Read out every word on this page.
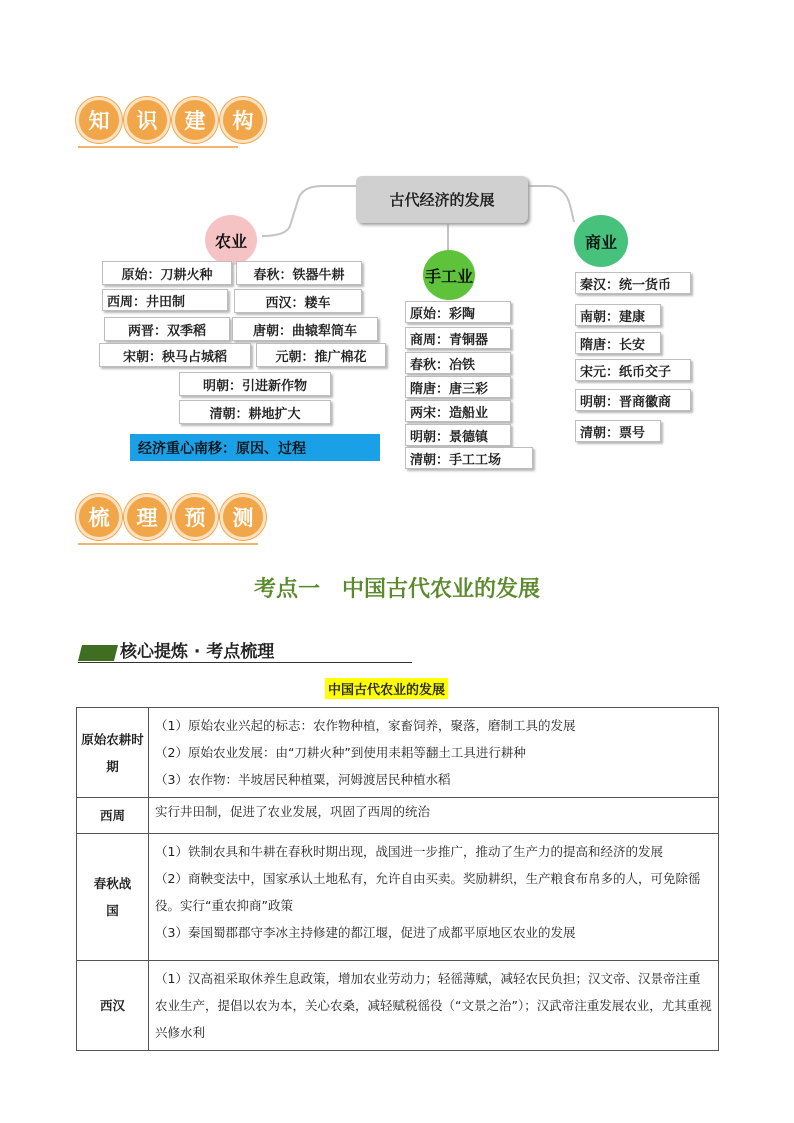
知	识	建	构
古代经济的发展
农业
原始：刀耕火种	春秋：铁器牛耕
西周：井田制	西汉：耧车
两晋：双季稻	唐朝：曲辕犁筒车
宋朝：秧马占城稻	元朝：推广棉花
明朝：引进新作物
清朝：耕地扩大
经济重心南移：原因、过程
手工业
原始：彩陶
商周：青铜器
春秋：冶铁
隋唐：唐三彩
两宋：造船业
明朝：景德镇
清朝：手工工场
商业
秦汉：统一货币
南朝：建康
隋唐：长安
宋元：纸币交子
明朝：晋商徽商
清朝：票号
梳	理	预	测
考点一　中国古代农业的发展
核心提炼 · 考点梳理
中国古代农业的发展
原始农耕时期	（1）原始农业兴起的标志：农作物种植，家畜饲养，聚落，磨制工具的发展

（2）原始农业发展：由“刀耕火种”到使用耒耜等翻土工具进行耕种

（3）农作物：半坡居民种植粟，河姆渡居民种植水稻

西周	实行井田制，促进了农业发展，巩固了西周的统治

春秋战国	（1）铁制农具和牛耕在春秋时期出现，战国进一步推广，推动了生产力的提高和经济的发展

（2）商鞅变法中，国家承认土地私有，允许自由买卖。奖励耕织，生产粮食布帛多的人，可免除徭役。实行“重农抑商”政策

（3）秦国蜀郡郡守李冰主持修建的都江堰，促进了成都平原地区农业的发展

西汉	（1）汉高祖采取休养生息政策，增加农业劳动力；轻徭薄赋，减轻农民负担；汉文帝、汉景帝注重农业生产，提倡以农为本，关心农桑，减轻赋税徭役（“文景之治”）；汉武帝注重发展农业，尤其重视兴修水利
